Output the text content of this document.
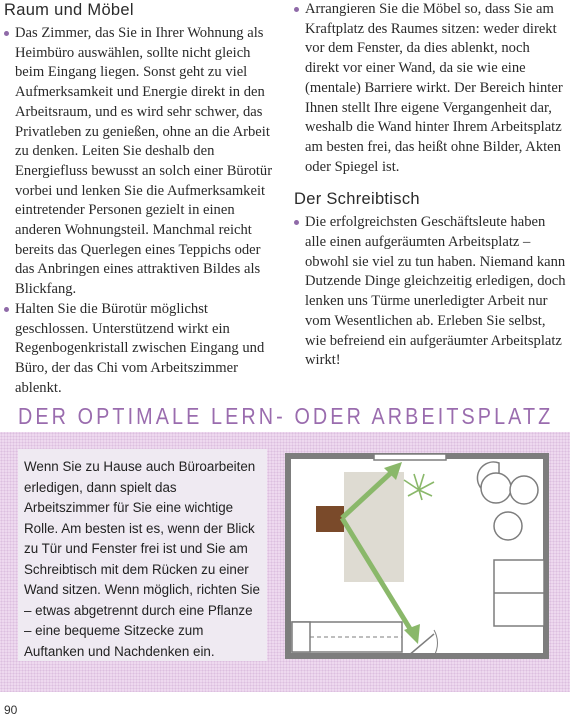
Raum und Möbel

Das Zimmer, das Sie in Ihrer Wohnung als Heimbüro auswählen, sollte nicht gleich beim Eingang liegen. Sonst geht zu viel Aufmerksamkeit und Energie direkt in den Arbeitsraum, und es wird sehr schwer, das Privatleben zu genießen, ohne an die Arbeit zu denken. Leiten Sie deshalb den Energiefluss bewusst an solch einer Bürotür vorbei und lenken Sie die Aufmerksamkeit eintretender Personen gezielt in einen anderen Wohnungsteil. Manchmal reicht bereits das Querlegen eines Teppichs oder das Anbringen eines attraktiven Bildes als Blickfang.

Halten Sie die Bürotür möglichst geschlossen. Unterstützend wirkt ein Regenbogenkristall zwischen Eingang und Büro, der das Chi vom Arbeitszimmer ablenkt.

Arrangieren Sie die Möbel so, dass Sie am Kraftplatz des Raumes sitzen: weder direkt vor dem Fenster, da dies ablenkt, noch direkt vor einer Wand, da sie wie eine (mentale) Barriere wirkt. Der Bereich hinter Ihnen stellt Ihre eigene Vergangenheit dar, weshalb die Wand hinter Ihrem Arbeitsplatz am besten frei, das heißt ohne Bilder, Akten oder Spiegel ist.

Der Schreibtisch

Die erfolgreichsten Geschäftsleute haben alle einen aufgeräumten Arbeitsplatz – obwohl sie viel zu tun haben. Niemand kann Dutzende Dinge gleichzeitig erledigen, doch lenken uns Türme unerledigter Arbeit nur vom Wesentlichen ab. Erleben Sie selbst, wie befreiend ein aufgeräumter Arbeitsplatz wirkt!

DER OPTIMALE LERN- ODER ARBEITSPLATZ

Wenn Sie zu Hause auch Büroarbeiten erledigen, dann spielt das Arbeitszimmer für Sie eine wichtige Rolle. Am besten ist es, wenn der Blick zu Tür und Fenster frei ist und Sie am Schreibtisch mit dem Rücken zu einer Wand sitzen. Wenn möglich, richten Sie – etwas abgetrennt durch eine Pflanze – eine bequeme Sitzecke zum Auftanken und Nachdenken ein.

90
